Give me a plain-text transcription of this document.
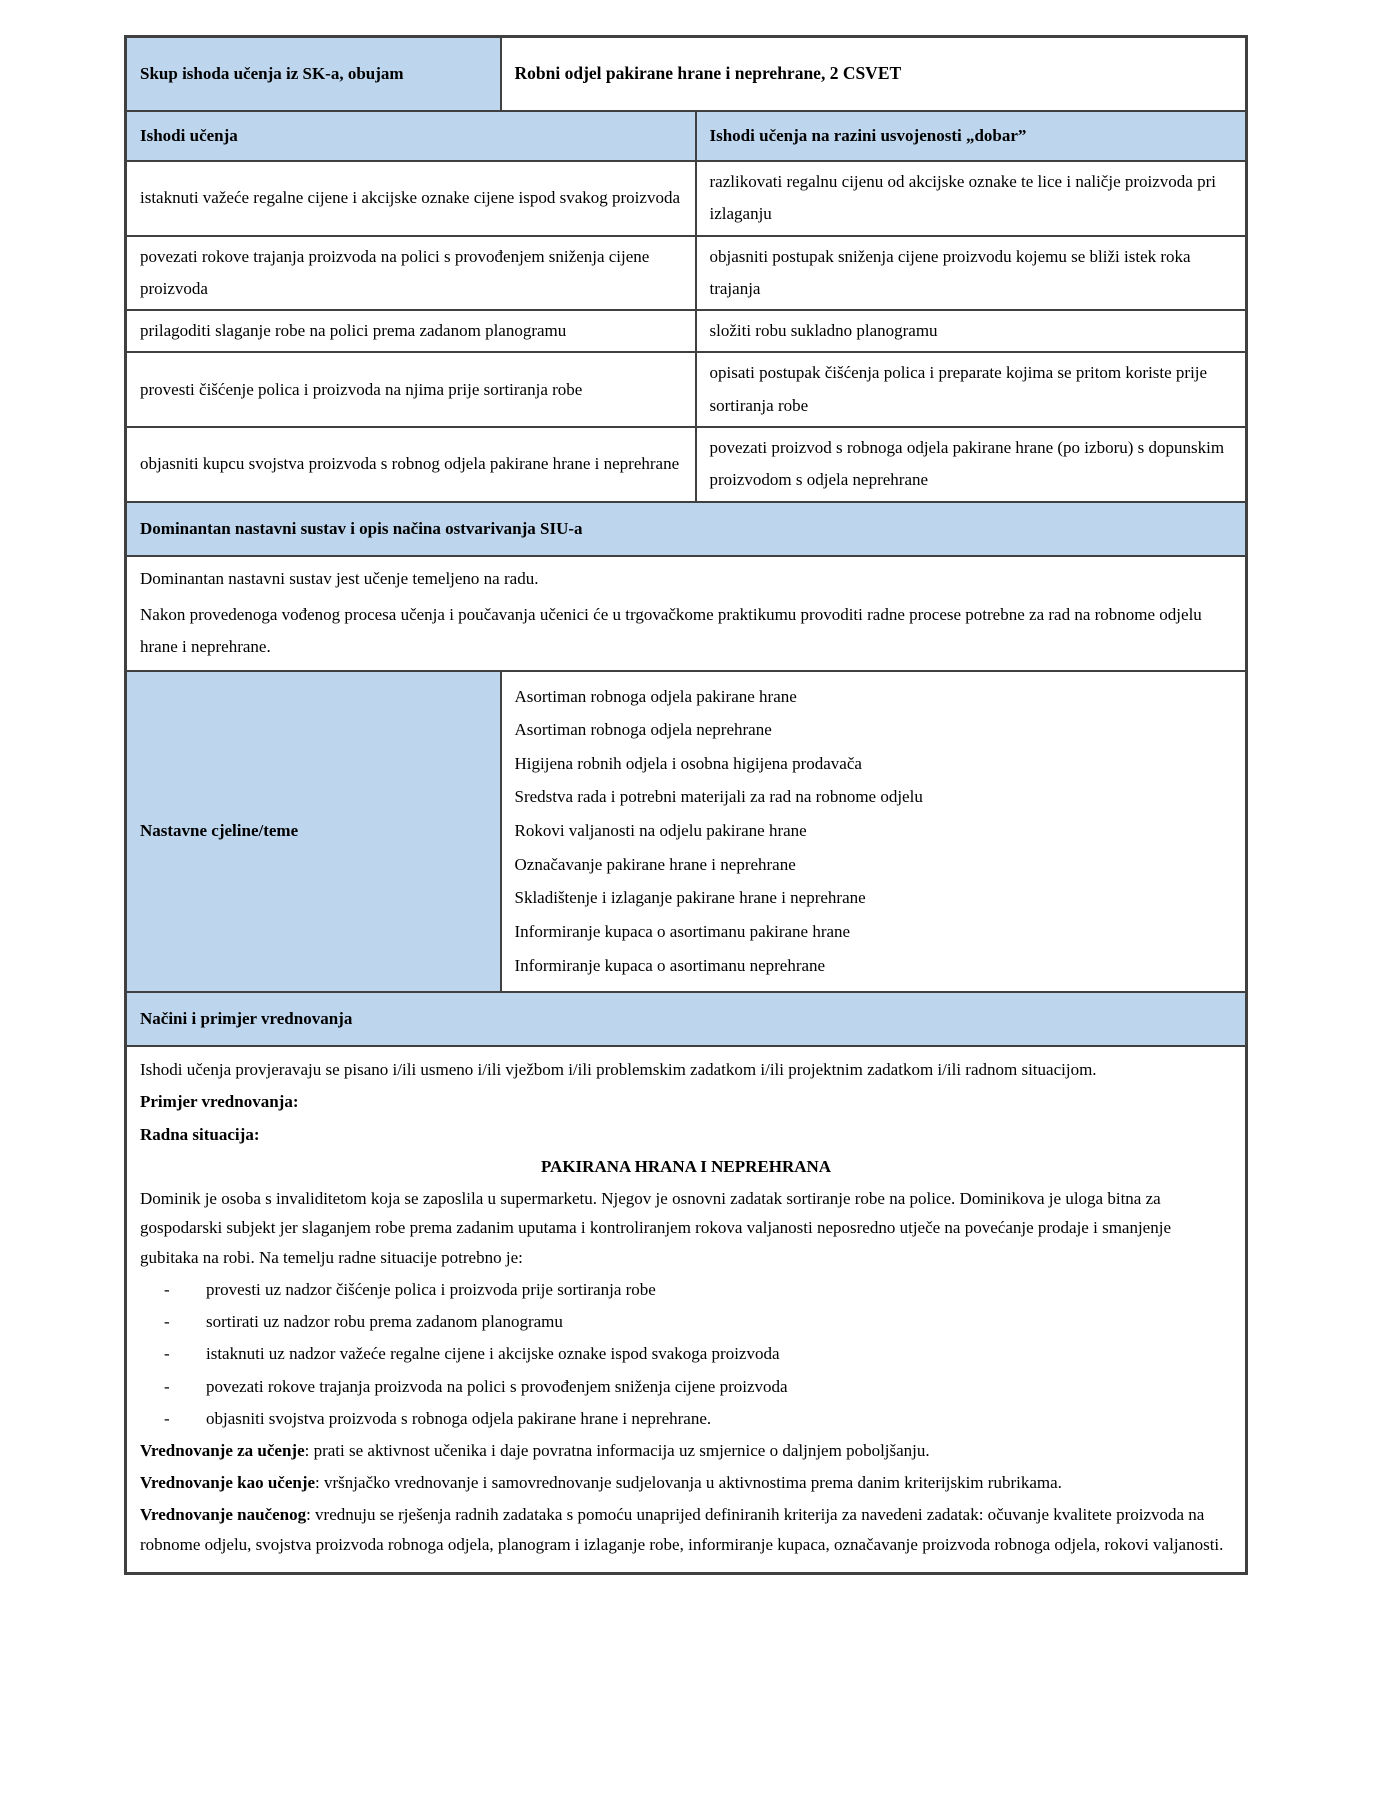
Skup ishoda učenja iz SK-a, obujam	Robni odjel pakirane hrane i neprehrane, 2 CSVET	
Ishodi učenja		Ishodi učenja na razini usvojenosti „dobar”
istaknuti važeće regalne cijene i akcijske oznake cijene ispod svakog proizvoda		razlikovati regalnu cijenu od akcijske oznake te lice i naličje proizvoda pri izlaganju
povezati rokove trajanja proizvoda na polici s provođenjem sniženja cijene proizvoda		objasniti postupak sniženja cijene proizvodu kojemu se bliži istek roka trajanja
prilagoditi slaganje robe na polici prema zadanom planogramu		složiti robu sukladno planogramu
provesti čišćenje polica i proizvoda na njima prije sortiranja robe		opisati postupak čišćenja polica i preparate kojima se pritom koriste prije sortiranja robe
objasniti kupcu svojstva proizvoda s robnog odjela pakirane hrane i neprehrane		povezati proizvod s robnoga odjela pakirane hrane (po izboru) s dopunskim proizvodom s odjela neprehrane
Dominantan nastavni sustav i opis načina ostvarivanja SIU-a		

Dominantan nastavni sustav jest učenje temeljeno na radu.

Nakon provedenoga vođenog procesa učenja i poučavanja učenici će u trgovačkome praktikumu provoditi radne procese potrebne za rad na robnome odjelu hrane i neprehrane.		

Nastavne cjeline/teme	
Asortiman robnoga odjela pakirane hrane
Asortiman robnoga odjela neprehrane
Higijena robnih odjela i osobna higijena prodavača
Sredstva rada i potrebni materijali za rad na robnome odjelu
Rokovi valjanosti na odjelu pakirane hrane
Označavanje pakirane hrane i neprehrane
Skladištenje i izlaganje pakirane hrane i neprehrane
Informiranje kupaca o asortimanu pakirane hrane
Informiranje kupaca o asortimanu neprehrane

Načini i primjer vrednovanja		

Ishodi učenja provjeravaju se pisano i/ili usmeno i/ili vježbom i/ili problemskim zadatkom i/ili projektnim zadatkom i/ili radnom situacijom.

Primjer vrednovanja:

Radna situacija:

PAKIRANA HRANA I NEPREHRANA

Dominik je osoba s invaliditetom koja se zaposlila u supermarketu. Njegov je osnovni zadatak sortiranje robe na police. Dominikova je uloga bitna za gospodarski subjekt jer slaganjem robe prema zadanim uputama i kontroliranjem rokova valjanosti neposredno utječe na povećanje prodaje i smanjenje gubitaka na robi. Na temelju radne situacije potrebno je:

- provesti uz nadzor čišćenje polica i proizvoda prije sortiranja robe
- sortirati uz nadzor robu prema zadanom planogramu
- istaknuti uz nadzor važeće regalne cijene i akcijske oznake ispod svakoga proizvoda
- povezati rokove trajanja proizvoda na polici s provođenjem sniženja cijene proizvoda
- objasniti svojstva proizvoda s robnoga odjela pakirane hrane i neprehrane.

Vrednovanje za učenje: prati se aktivnost učenika i daje povratna informacija uz smjernice o daljnjem poboljšanju.

Vrednovanje kao učenje: vršnjačko vrednovanje i samovrednovanje sudjelovanja u aktivnostima prema danim kriterijskim rubrikama.

Vrednovanje naučenog: vrednuju se rješenja radnih zadataka s pomoću unaprijed definiranih kriterija za navedeni zadatak: očuvanje kvalitete proizvoda na robnome odjelu, svojstva proizvoda robnoga odjela, planogram i izlaganje robe, informiranje kupaca, označavanje proizvoda robnoga odjela, rokovi valjanosti.
